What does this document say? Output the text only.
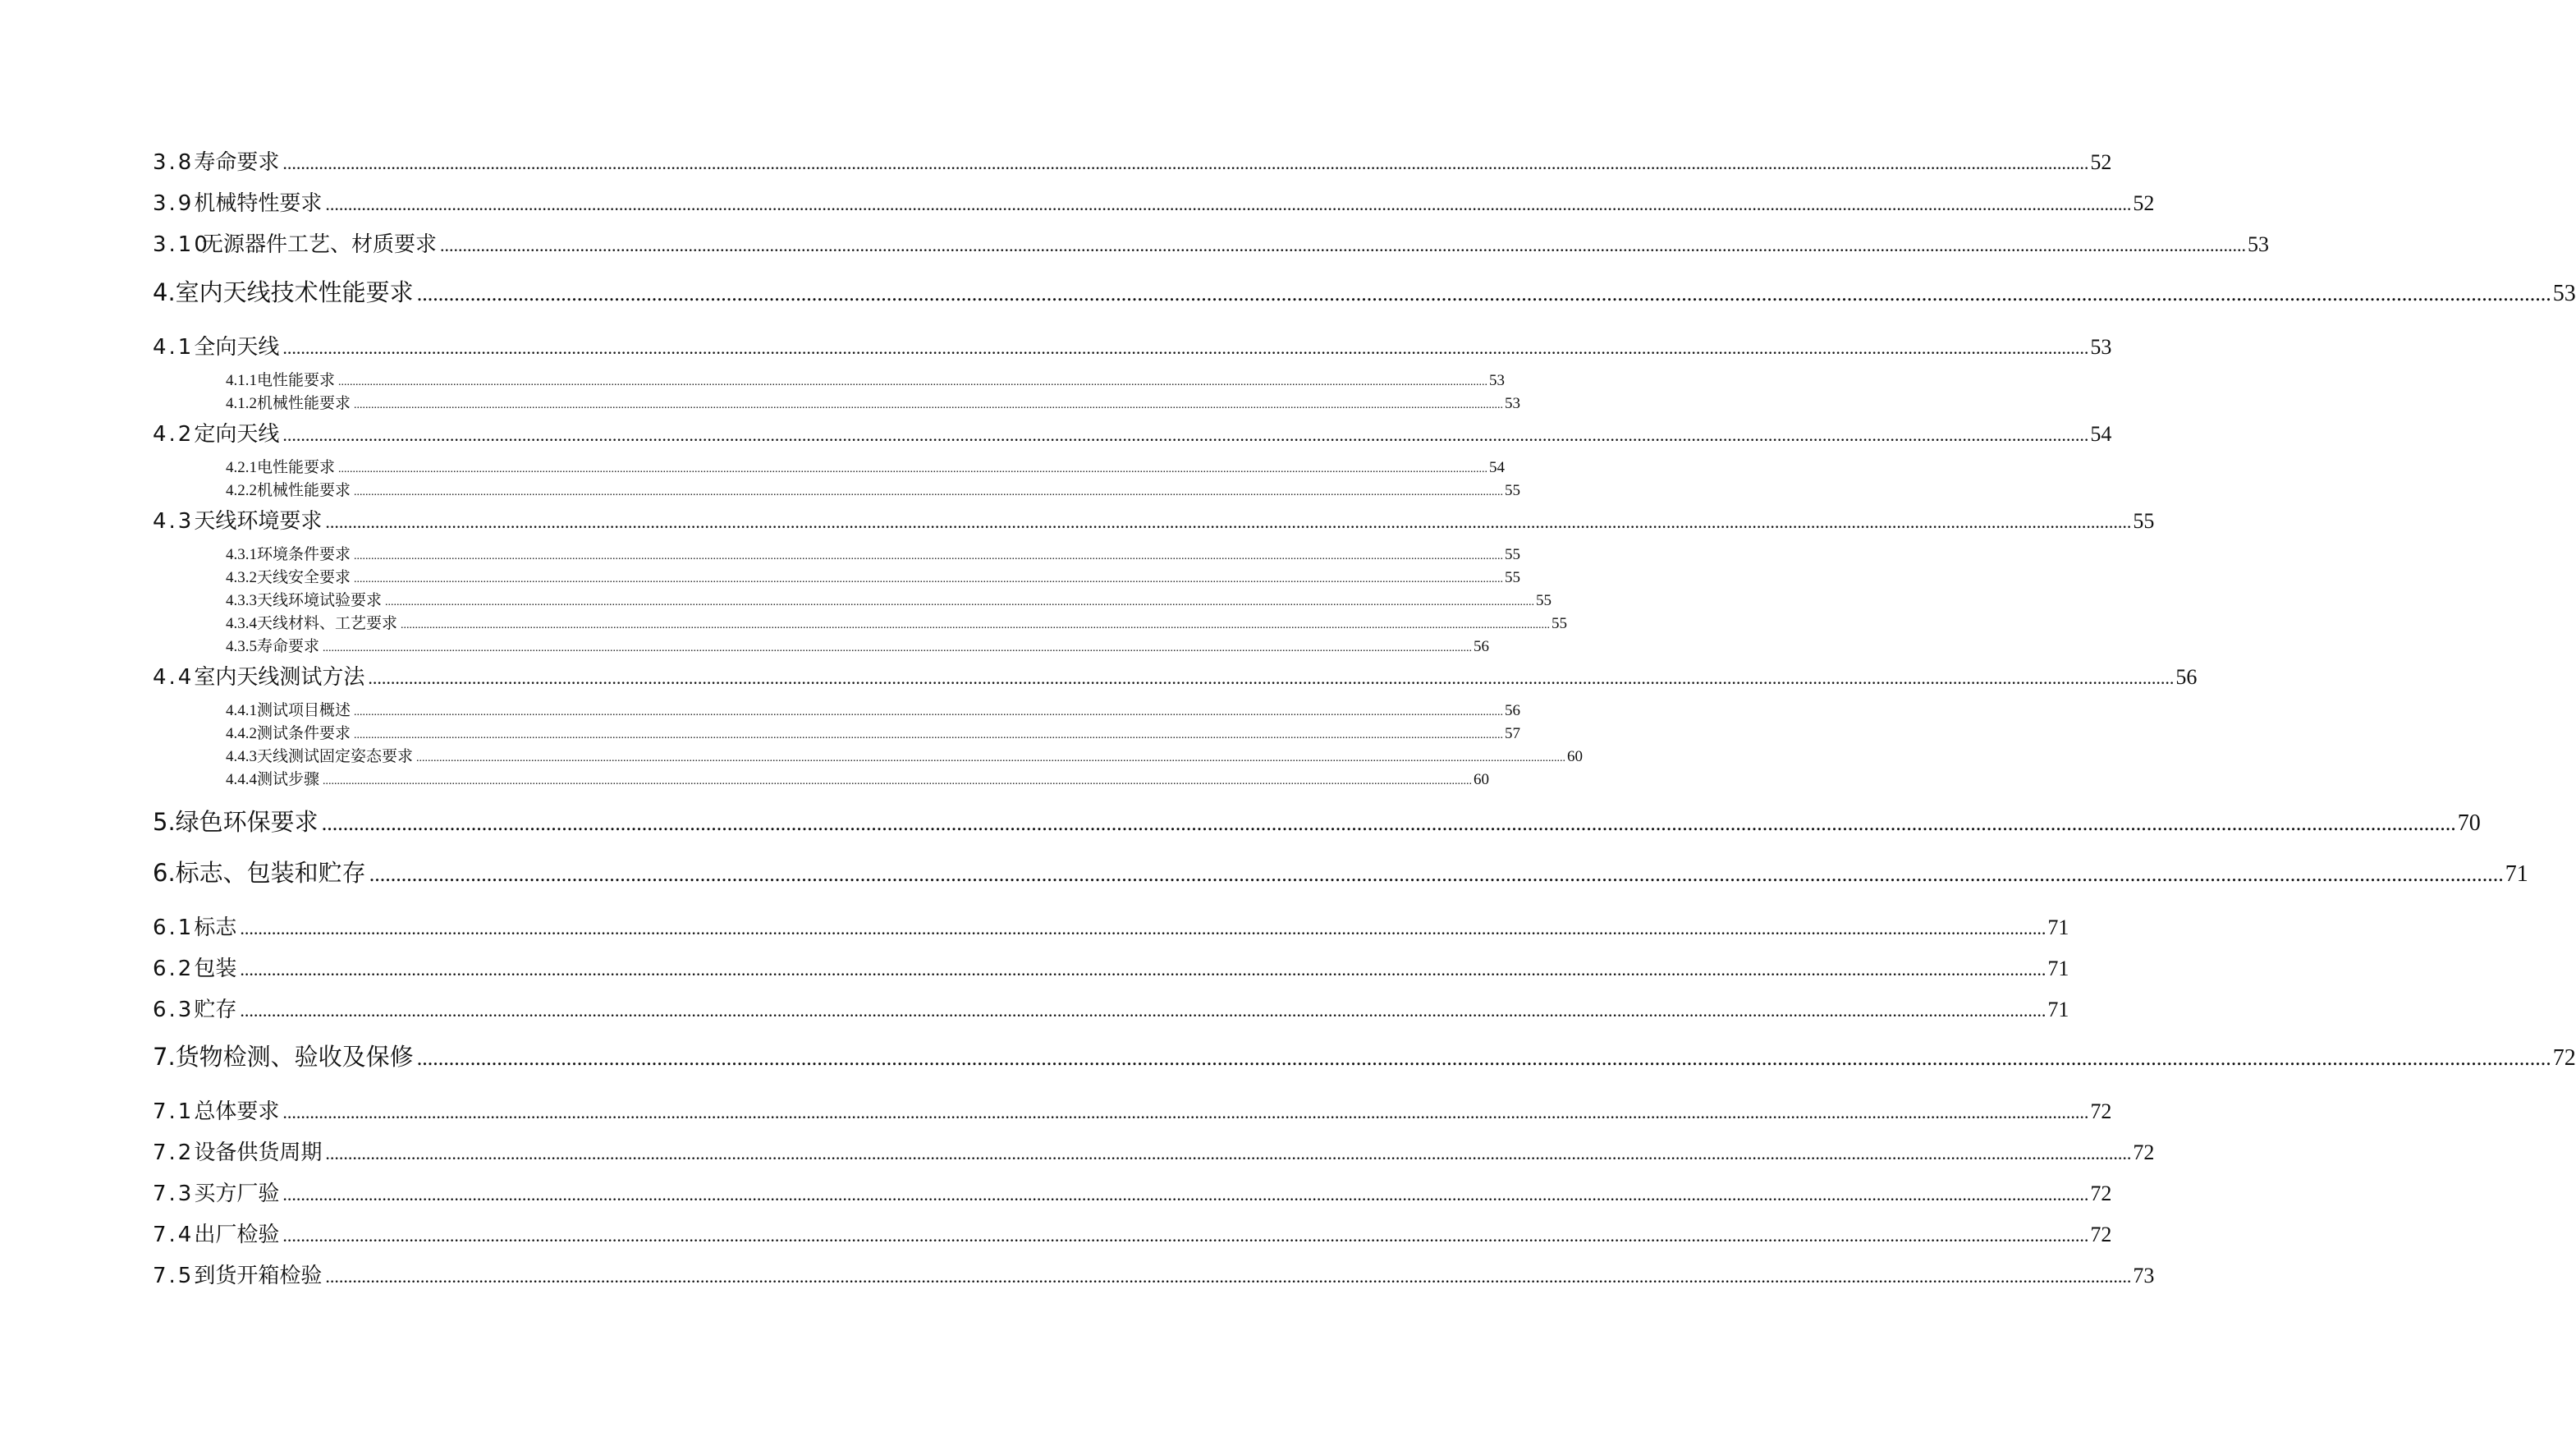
3.8 寿命要求 ................................................................................................................................................................................................................................................................................................................................................................................................................ 52
3.9 机械特性要求 ................................................................................................................................................................................................................................................................................................................................................................................................................ 52
3.10
无源器件工艺、材质要求 ................................................................................................................................................................................................................................................................................................................................................................................................................ 53
4. 室内天线技术性能要求 ................................................................................................................................................................................................................................................................................................................................................................................................................ 53
4.1 全向天线 ................................................................................................................................................................................................................................................................................................................................................................................................................ 53
4.1.1 电性能要求 ................................................................................................................................................................................................................................................................................................................................................................................................................ 53
4.1.2 机械性能要求 ................................................................................................................................................................................................................................................................................................................................................................................................................ 53
4.2 定向天线 ................................................................................................................................................................................................................................................................................................................................................................................................................ 54
4.2.1 电性能要求 ................................................................................................................................................................................................................................................................................................................................................................................................................ 54
4.2.2 机械性能要求 ................................................................................................................................................................................................................................................................................................................................................................................................................ 55
4.3 天线环境要求 ................................................................................................................................................................................................................................................................................................................................................................................................................ 55
4.3.1 环境条件要求 ................................................................................................................................................................................................................................................................................................................................................................................................................ 55
4.3.2 天线安全要求 ................................................................................................................................................................................................................................................................................................................................................................................................................ 55
4.3.3 天线环境试验要求 ................................................................................................................................................................................................................................................................................................................................................................................................................ 55
4.3.4 天线材料、工艺要求 ................................................................................................................................................................................................................................................................................................................................................................................................................ 55
4.3.5 寿命要求 ................................................................................................................................................................................................................................................................................................................................................................................................................ 56
4.4 室内天线测试方法 ................................................................................................................................................................................................................................................................................................................................................................................................................ 56
4.4.1 测试项目概述 ................................................................................................................................................................................................................................................................................................................................................................................................................ 56
4.4.2 测试条件要求 ................................................................................................................................................................................................................................................................................................................................................................................................................ 57
4.4.3 天线测试固定姿态要求 ................................................................................................................................................................................................................................................................................................................................................................................................................ 60
4.4.4 测试步骤 ................................................................................................................................................................................................................................................................................................................................................................................................................ 60
5. 绿色环保要求 ................................................................................................................................................................................................................................................................................................................................................................................................................ 70
6. 标志、包装和贮存 ................................................................................................................................................................................................................................................................................................................................................................................................................ 71
6.1 标志 ................................................................................................................................................................................................................................................................................................................................................................................................................ 71
6.2 包装 ................................................................................................................................................................................................................................................................................................................................................................................................................ 71
6.3 贮存 ................................................................................................................................................................................................................................................................................................................................................................................................................ 71
7. 货物检测、验收及保修 ................................................................................................................................................................................................................................................................................................................................................................................................................ 72
7.1 总体要求 ................................................................................................................................................................................................................................................................................................................................................................................................................ 72
7.2 设备供货周期 ................................................................................................................................................................................................................................................................................................................................................................................................................ 72
7.3 买方厂验 ................................................................................................................................................................................................................................................................................................................................................................................................................ 72
7.4 出厂检验 ................................................................................................................................................................................................................................................................................................................................................................................................................ 72
7.5 到货开箱检验 ................................................................................................................................................................................................................................................................................................................................................................................................................ 73
